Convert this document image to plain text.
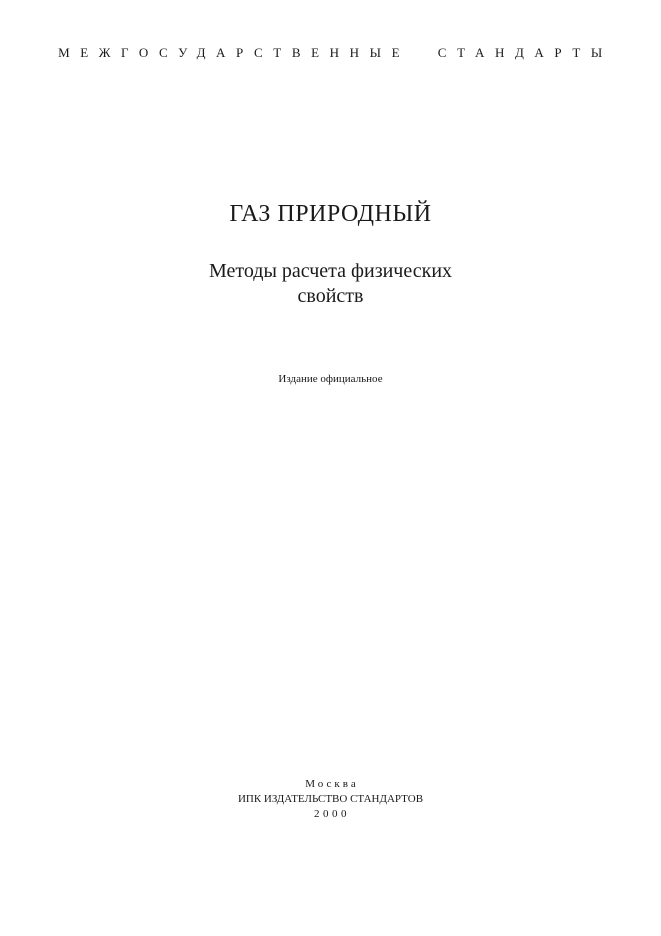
МЕЖГОСУДАРСТВЕННЫЕ  СТАНДАРТЫ
ГАЗ ПРИРОДНЫЙ
Методы расчета физических
свойств
Издание официальное
Москва
ИПК ИЗДАТЕЛЬСТВО СТАНДАРТОВ
2000
